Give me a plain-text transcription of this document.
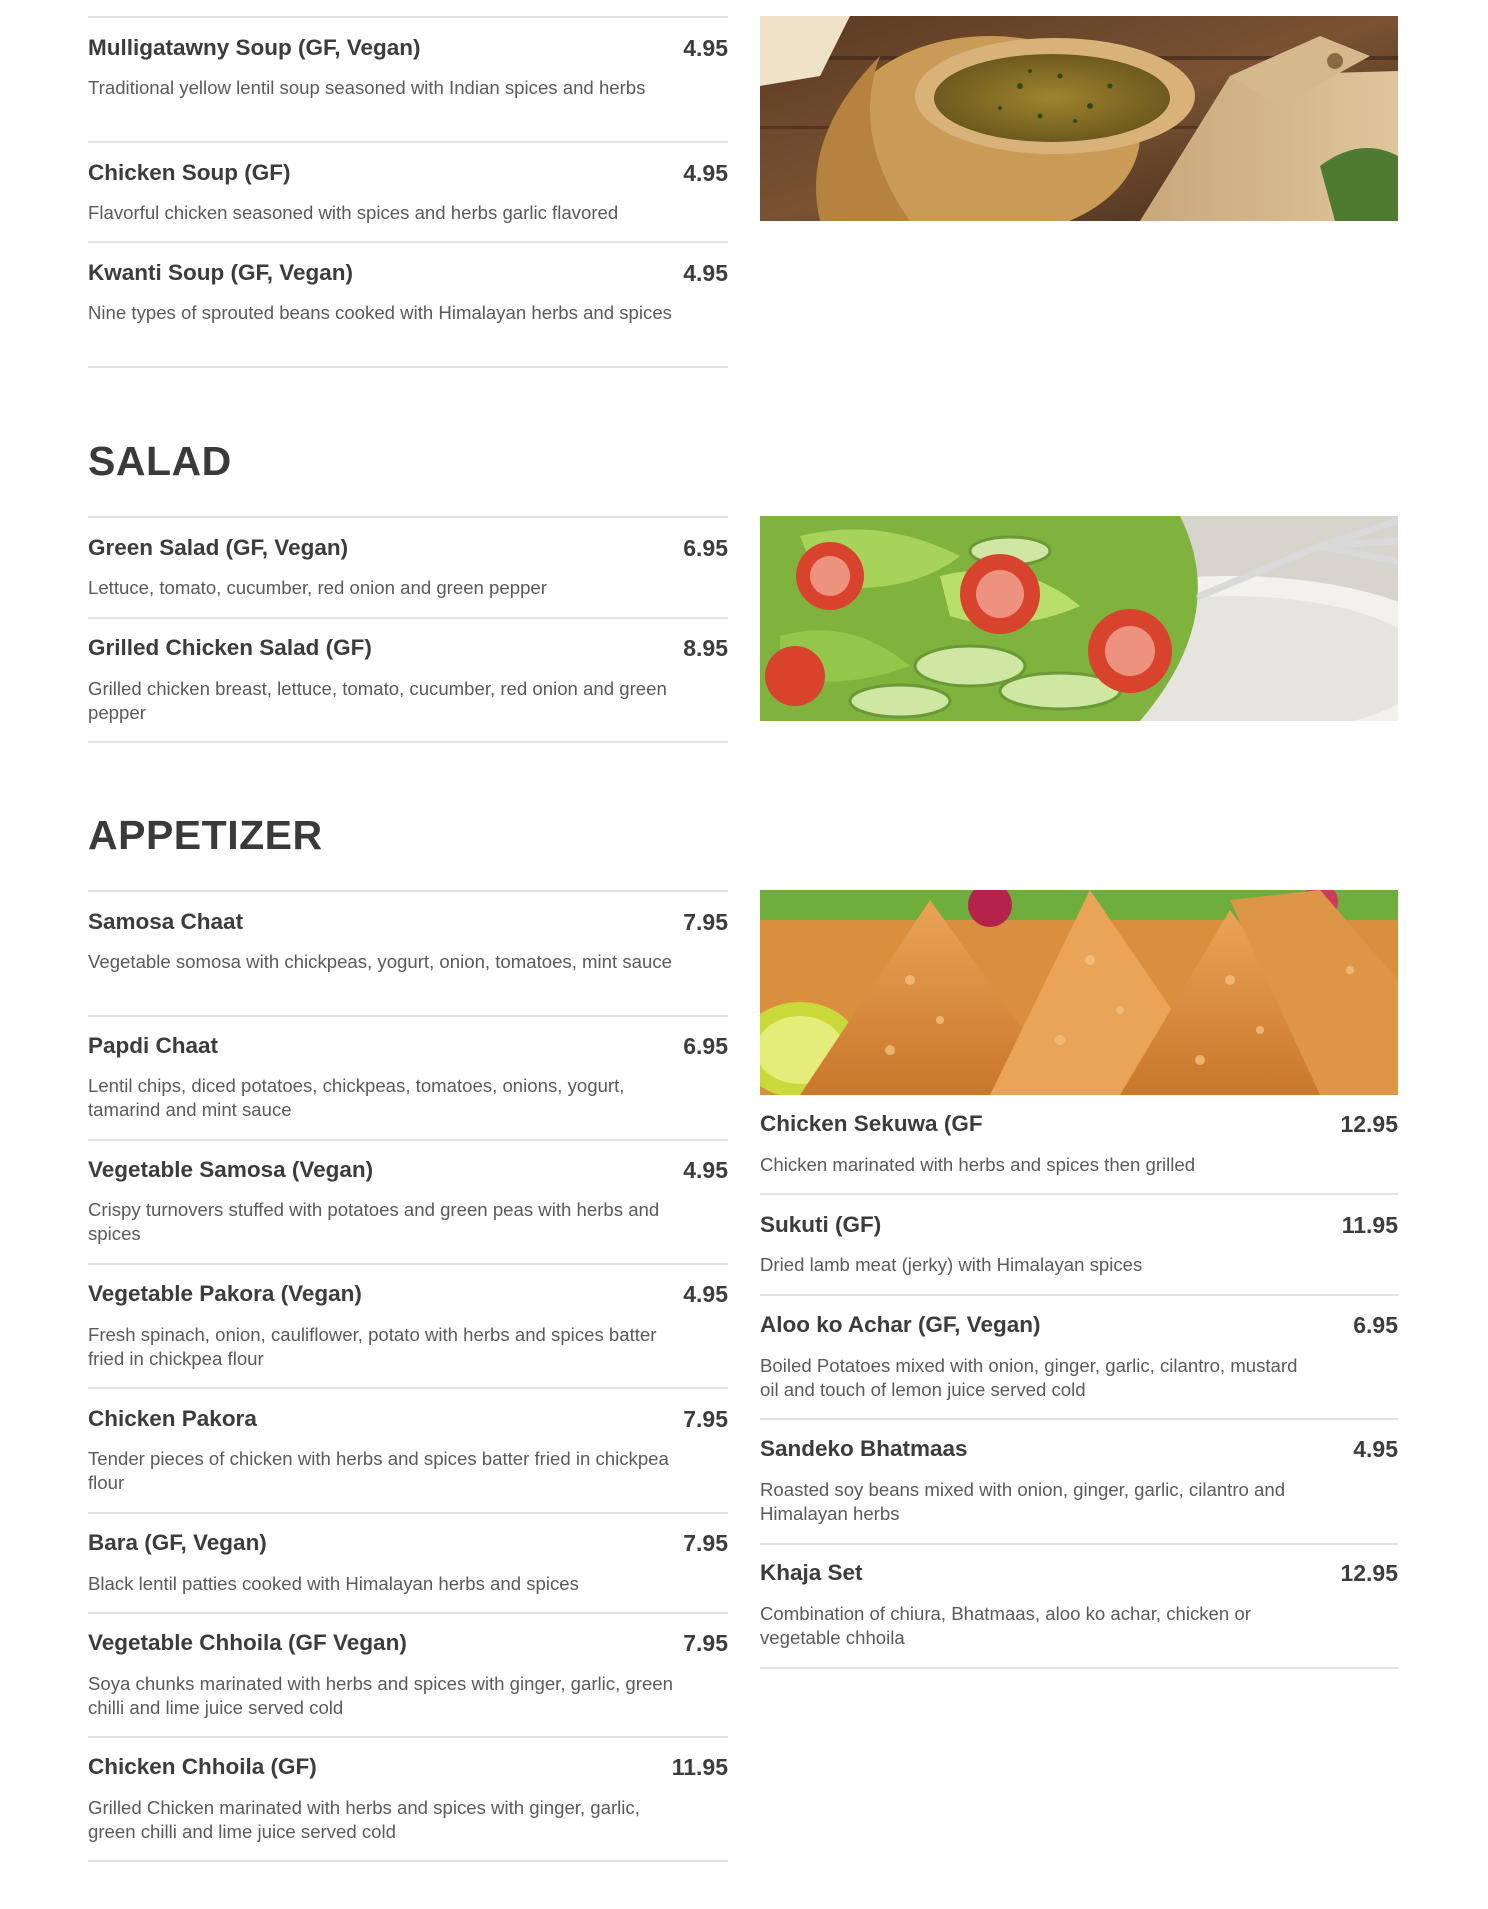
Mulligatawny Soup (GF, Vegan)	4.95
Traditional yellow lentil soup seasoned with Indian spices and herbs
Chicken Soup (GF)	4.95
Flavorful chicken seasoned with spices and herbs garlic flavored
Kwanti Soup (GF, Vegan)	4.95
Nine types of sprouted beans cooked with Himalayan herbs and spices
SALAD
Green Salad (GF, Vegan)	6.95
Lettuce, tomato, cucumber, red onion and green pepper
Grilled Chicken Salad (GF)	8.95
Grilled chicken breast, lettuce, tomato, cucumber, red onion and green pepper
APPETIZER
Samosa Chaat	7.95
Vegetable somosa with chickpeas, yogurt, onion, tomatoes, mint sauce
Papdi Chaat	6.95
Lentil chips, diced potatoes, chickpeas, tomatoes, onions, yogurt, tamarind and mint sauce
Vegetable Samosa (Vegan)	4.95
Crispy turnovers stuffed with potatoes and green peas with herbs and spices
Vegetable Pakora (Vegan)	4.95
Fresh spinach, onion, cauliflower, potato with herbs and spices batter fried in chickpea flour
Chicken Pakora	7.95
Tender pieces of chicken with herbs and spices batter fried in chickpea flour
Bara (GF, Vegan)	7.95
Black lentil patties cooked with Himalayan herbs and spices
Vegetable Chhoila (GF Vegan)	7.95
Soya chunks marinated with herbs and spices with ginger, garlic, green chilli and lime juice served cold
Chicken Chhoila (GF)	11.95
Grilled Chicken marinated with herbs and spices with ginger, garlic, green chilli and lime juice served cold
Chicken Sekuwa (GF	12.95
Chicken marinated with herbs and spices then grilled
Sukuti (GF)	11.95
Dried lamb meat (jerky) with Himalayan spices
Aloo ko Achar (GF, Vegan)	6.95
Boiled Potatoes mixed with onion, ginger, garlic, cilantro, mustard oil and touch of lemon juice served cold
Sandeko Bhatmaas	4.95
Roasted soy beans mixed with onion, ginger, garlic, cilantro and Himalayan herbs
Khaja Set	12.95
Combination of chiura, Bhatmaas, aloo ko achar, chicken or vegetable chhoila
